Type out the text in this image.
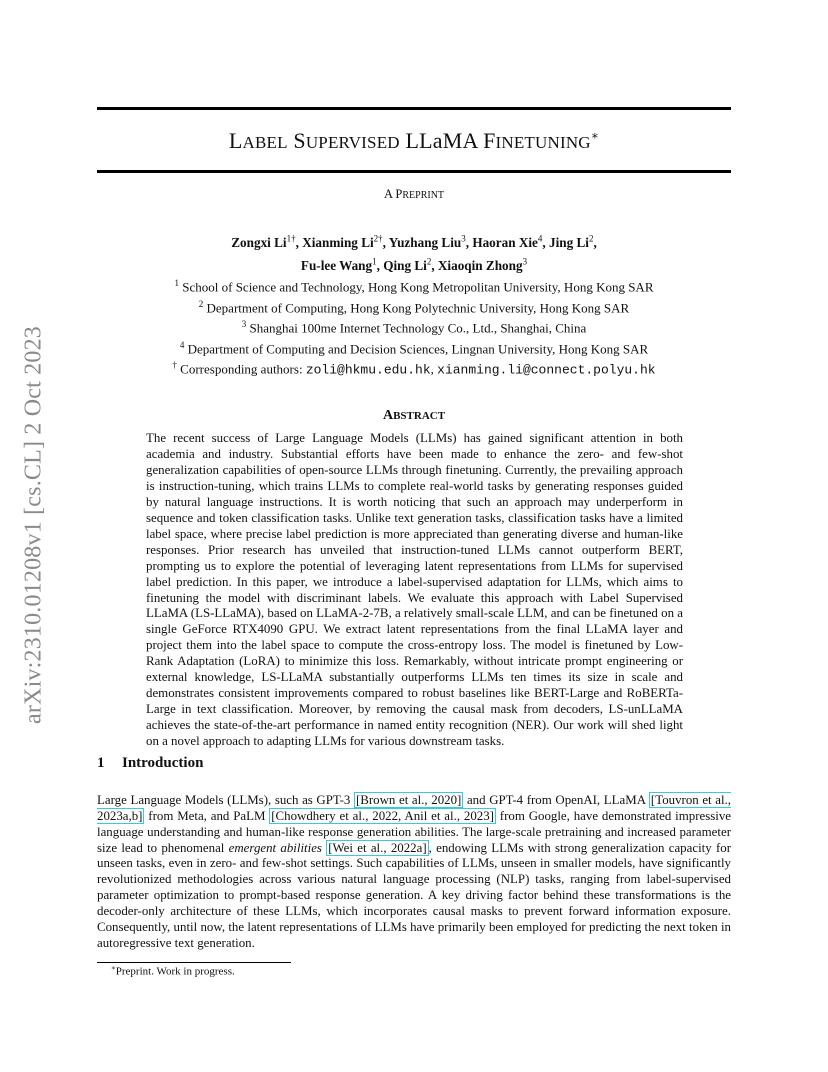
arXiv:2310.01208v1 [cs.CL] 2 Oct 2023
LABEL SUPERVISED LLaMA FINETUNING∗
A PREPRINT
Zongxi $Li^{1\dagger}$, Xianming $Li^{2\dagger}$, Yuzhang Liu$^3$, Haoran Xie$^4$, Jing Li$^2$,
Fu-lee Wang$^1$, Qing Li$^2$, Xiaoqin Zhong$^3$
$^1$ School of Science and Technology, Hong Kong Metropolitan University, Hong Kong SAR
$^2$ Department of Computing, Hong Kong Polytechnic University, Hong Kong SAR
$^3$ Shanghai 100me Internet Technology Co., Ltd., Shanghai, China
$^4$ Department of Computing and Decision Sciences, Lingnan University, Hong Kong SAR
† Corresponding authors: zoli@hkmu.edu.hk, xianming.li@connect.polyu.hk
ABSTRACT
The recent success of Large Language Models (LLMs) has gained significant attention in both academia and industry. Substantial efforts have been made to enhance the zero- and few-shot generalization capabilities of open-source LLMs through finetuning. Currently, the prevailing approach is instruction-tuning, which trains LLMs to complete real-world tasks by generating responses guided by natural language instructions. It is worth noticing that such an approach may underperform in sequence and token classification tasks. Unlike text generation tasks, classification tasks have a limited label space, where precise label prediction is more appreciated than generating diverse and human-like responses. Prior research has unveiled that instruction-tuned LLMs cannot outperform BERT, prompting us to explore the potential of leveraging latent representations from LLMs for supervised label prediction. In this paper, we introduce a label-supervised adaptation for LLMs, which aims to finetuning the model with discriminant labels. We evaluate this approach with Label Supervised LLaMA (LS-LLaMA), based on LLaMA-2-7B, a relatively small-scale LLM, and can be finetuned on a single GeForce RTX4090 GPU. We extract latent representations from the final LLaMA layer and project them into the label space to compute the cross-entropy loss. The model is finetuned by Low-Rank Adaptation (LoRA) to minimize this loss. Remarkably, without intricate prompt engineering or external knowledge, LS-LLaMA substantially outperforms LLMs ten times its size in scale and demonstrates consistent improvements compared to robust baselines like BERT-Large and RoBERTa-Large in text classification. Moreover, by removing the causal mask from decoders, LS-unLLaMA achieves the state-of-the-art performance in named entity recognition (NER). Our work will shed light on a novel approach to adapting LLMs for various downstream tasks.
1 Introduction
Large Language Models (LLMs), such as GPT-3 [Brown et al., 2020] and GPT-4 from OpenAI, LLaMA [Touvron et al., 2023a,b] from Meta, and PaLM [Chowdhery et al., 2022, Anil et al., 2023] from Google, have demonstrated impressive language understanding and human-like response generation abilities. The large-scale pretraining and increased parameter size lead to phenomenal emergent abilities [Wei et al., 2022a] , endowing LLMs with strong generalization capacity for unseen tasks, even in zero- and few-shot settings. Such capabilities of LLMs, unseen in smaller models, have significantly revolutionized methodologies across various natural language processing (NLP) tasks, ranging from label-supervised parameter optimization to prompt-based response generation. A key driving factor behind these transformations is the decoder-only architecture of these LLMs, which incorporates causal masks to prevent forward information exposure. Consequently, until now, the latent representations of LLMs have primarily been employed for predicting the next token in autoregressive text generation.
∗Preprint. Work in progress.
